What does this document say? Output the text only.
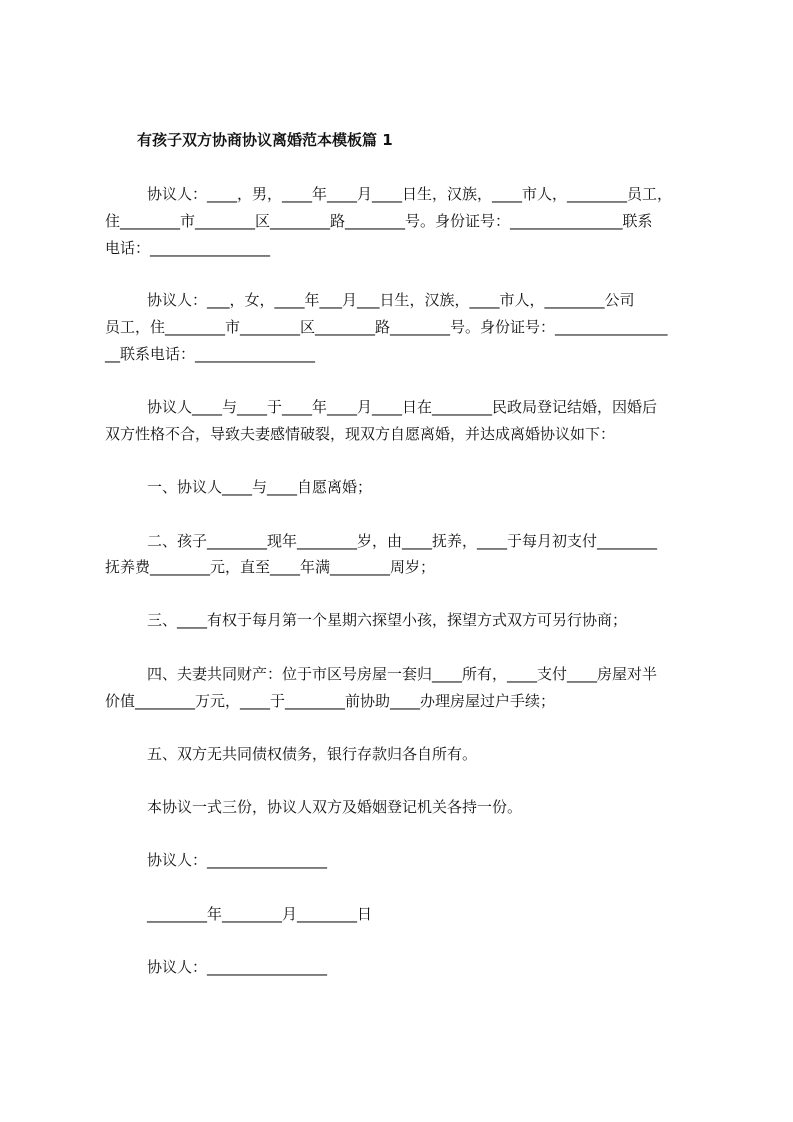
有孩子双方协商协议离婚范本模板篇 1
协议人：____，男，____年____月____日生，汉族，____市人，________员工，
住________市________区________路________号。身份证号：_______________联系
电话：________________
协议人：___，女，____年___月___日生，汉族，____市人，________公司
员工，住________市________区________路________号。身份证号：_______________
__联系电话：________________
协议人____与____于____年____月____日在________民政局登记结婚，因婚后
双方性格不合，导致夫妻感情破裂，现双方自愿离婚，并达成离婚协议如下：
一、协议人____与____自愿离婚；
二、孩子________现年________岁，由____抚养，____于每月初支付________
抚养费________元，直至____年满________周岁；
三、____有权于每月第一个星期六探望小孩，探望方式双方可另行协商；
四、夫妻共同财产：位于市区号房屋一套归____所有，____支付____房屋对半
价值________万元，____于________前协助____办理房屋过户手续；
五、双方无共同债权债务，银行存款归各自所有。
本协议一式三份，协议人双方及婚姻登记机关各持一份。
协议人：________________
________年________月________日
协议人：________________
